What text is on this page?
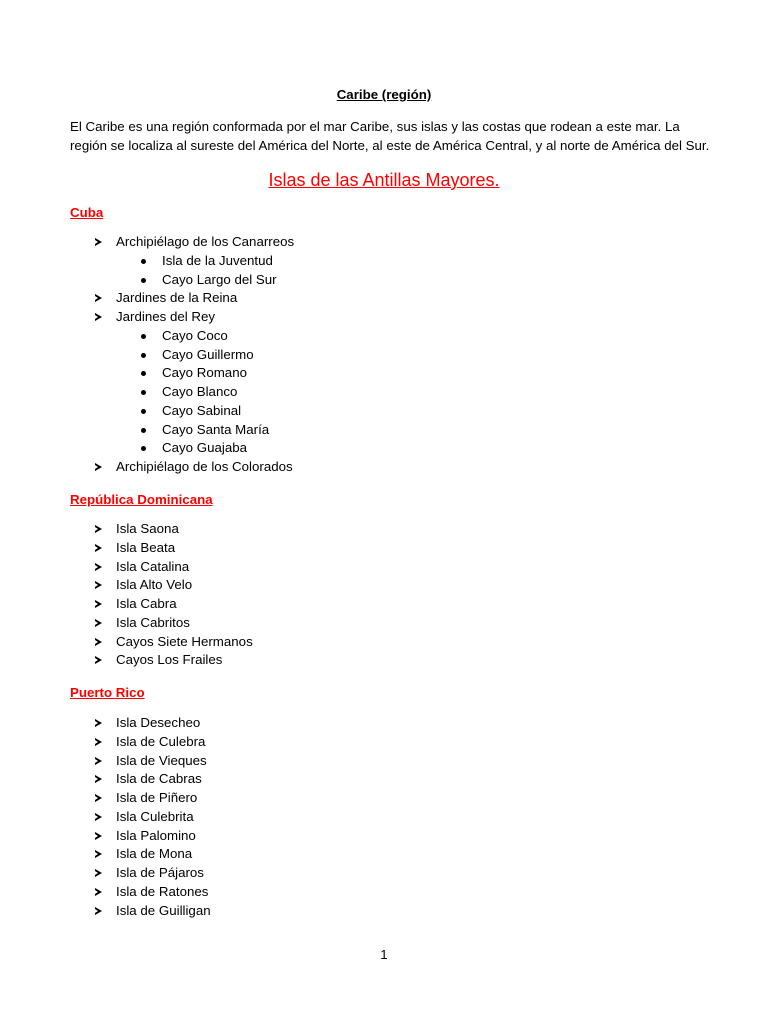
Caribe (región)

El Caribe es una región conformada por el mar Caribe, sus islas y las costas que rodean a este mar. La región se localiza al sureste del América del Norte, al este de América Central, y al norte de América del Sur.

Islas de las Antillas Mayores.
Cuba
Archipiélago de los Canarreos
Isla de la Juventud
Cayo Largo del Sur
Jardines de la Reina
Jardines del Rey
Cayo Coco
Cayo Guillermo
Cayo Romano
Cayo Blanco
Cayo Sabinal
Cayo Santa María
Cayo Guajaba
Archipiélago de los Colorados
República Dominicana
Isla Saona
Isla Beata
Isla Catalina
Isla Alto Velo
Isla Cabra
Isla Cabritos
Cayos Siete Hermanos
Cayos Los Frailes
Puerto Rico
Isla Desecheo
Isla de Culebra
Isla de Vieques
Isla de Cabras
Isla de Piñero
Isla Culebrita
Isla Palomino
Isla de Mona
Isla de Pájaros
Isla de Ratones
Isla de Guilligan
1
